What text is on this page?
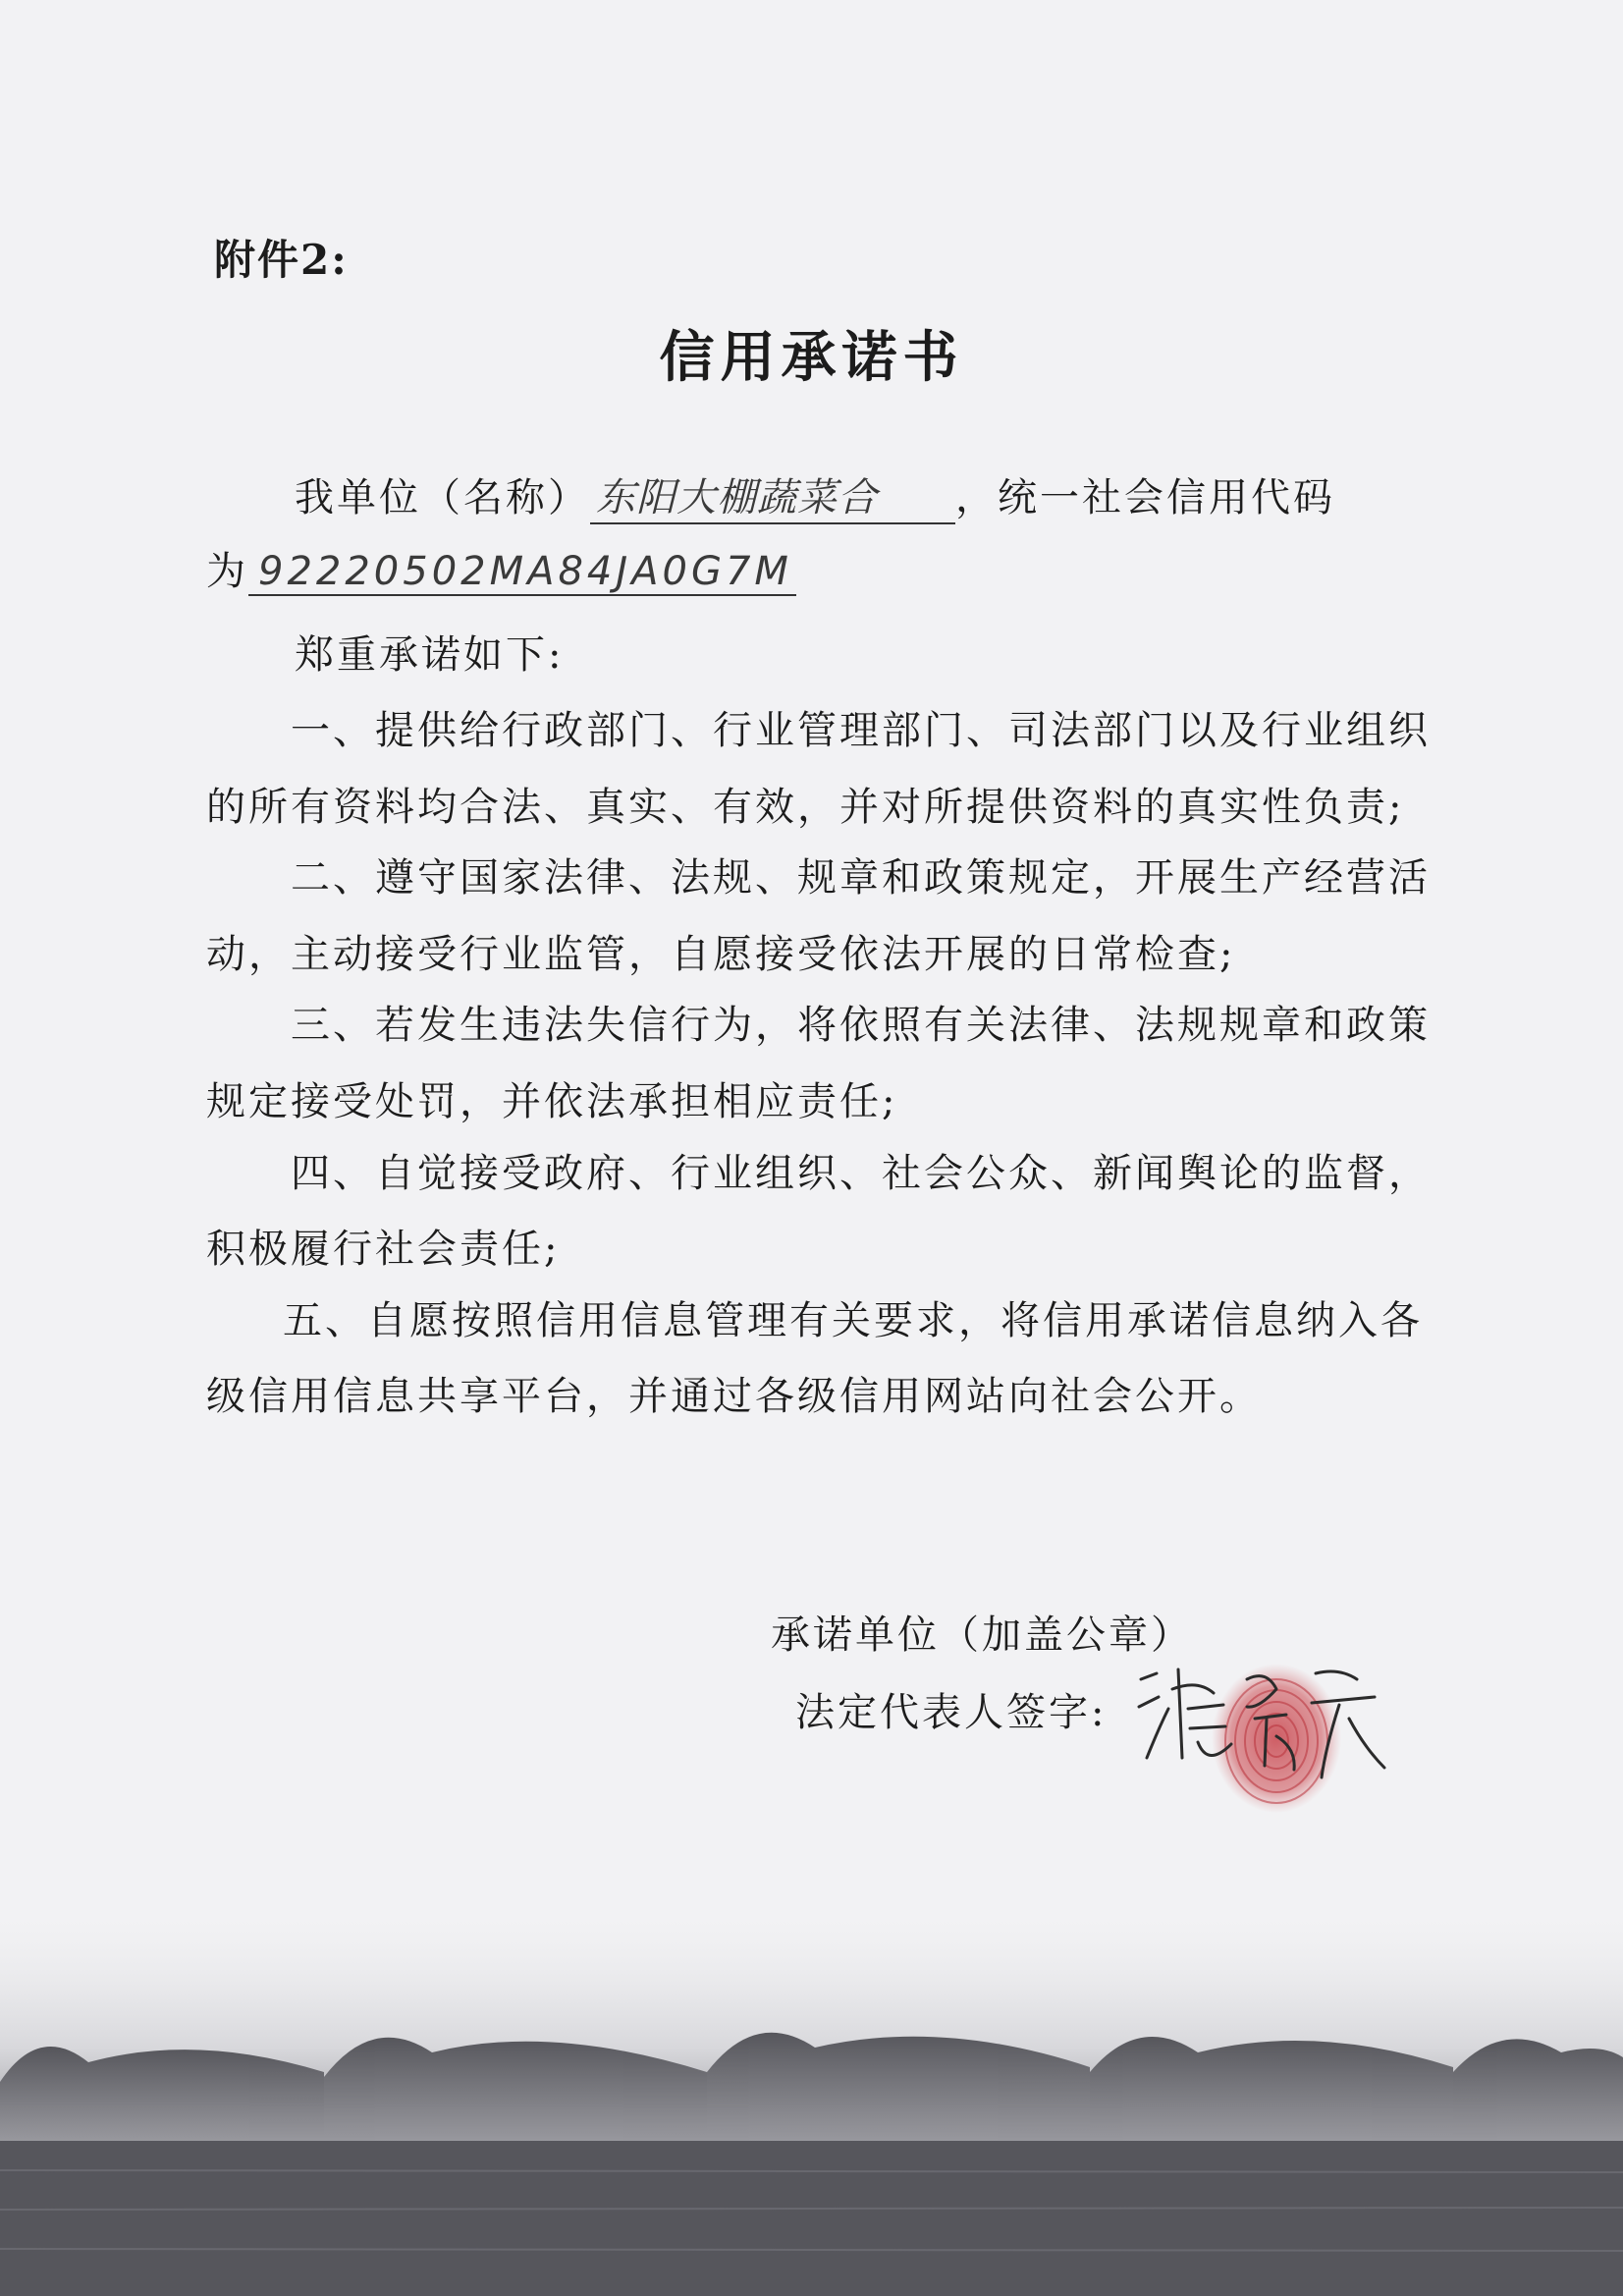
附件2:
信用承诺书
我单位（名称） 东阳大棚蔬菜合 ，统一社会信用代码
为 92220502MA84JA0G7M
郑重承诺如下:
一、提供给行政部门、行业管理部门、司法部门以及行业组织
的所有资料均合法、真实、有效，并对所提供资料的真实性负责;
二、遵守国家法律、法规、规章和政策规定，开展生产经营活
动，主动接受行业监管，自愿接受依法开展的日常检查;
三、若发生违法失信行为，将依照有关法律、法规规章和政策
规定接受处罚，并依法承担相应责任;
四、自觉接受政府、行业组织、社会公众、新闻舆论的监督，
积极履行社会责任;
五、自愿按照信用信息管理有关要求，将信用承诺信息纳入各
级信用信息共享平台，并通过各级信用网站向社会公开。
承诺单位（加盖公章）
法定代表人签字:
